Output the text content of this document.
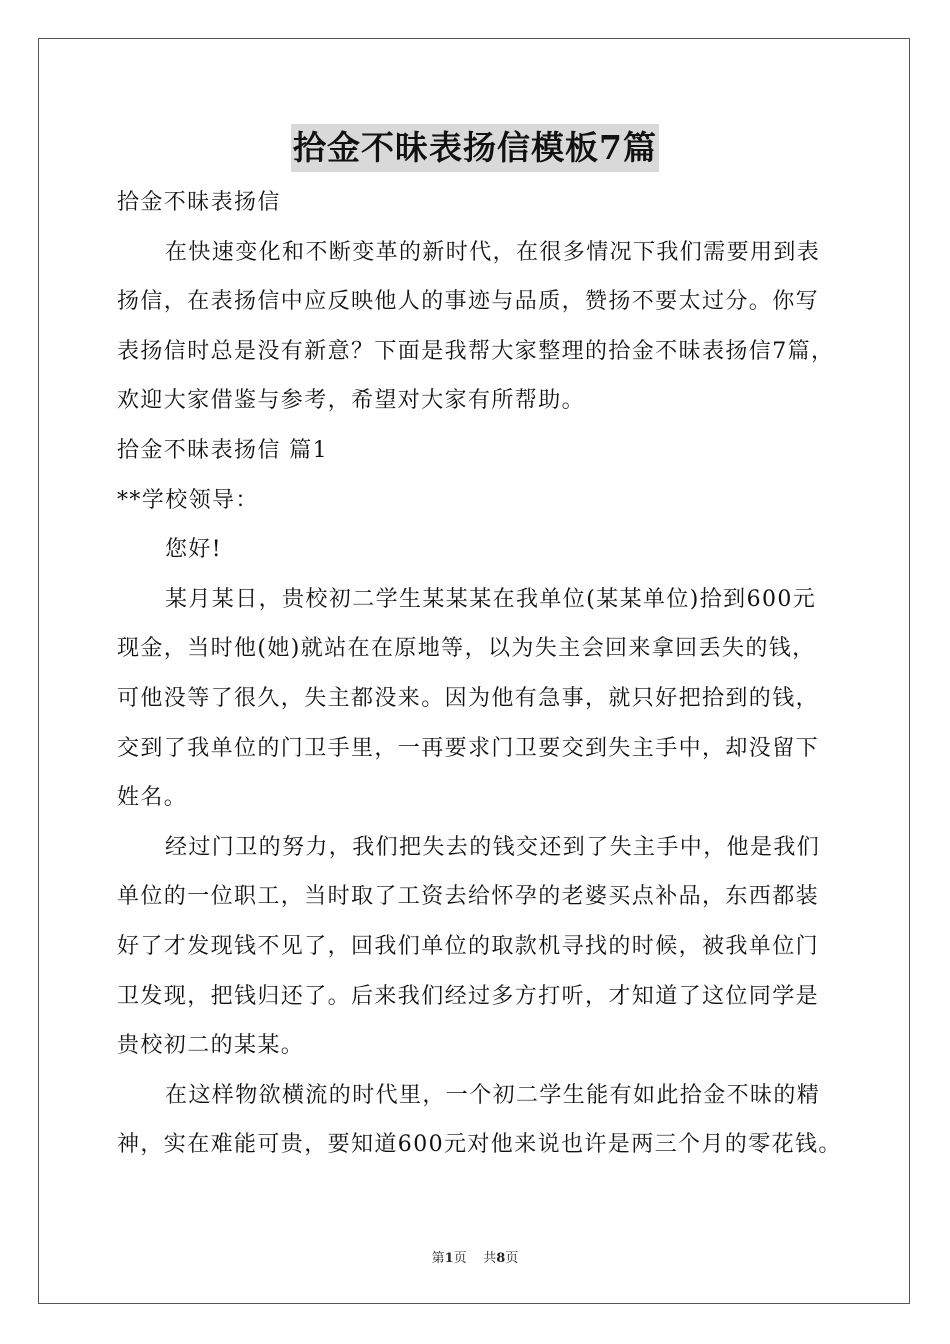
拾金不昧表扬信模板7篇
拾金不昧表扬信
在快速变化和不断变革的新时代，在很多情况下我们需要用到表
扬信，在表扬信中应反映他人的事迹与品质，赞扬不要太过分。你写
表扬信时总是没有新意？下面是我帮大家整理的拾金不昧表扬信7篇，
欢迎大家借鉴与参考，希望对大家有所帮助。
拾金不昧表扬信 篇1
**学校领导：
您好!
某月某日，贵校初二学生某某某在我单位(某某单位)拾到600元
现金，当时他(她)就站在在原地等，以为失主会回来拿回丢失的钱，
可他没等了很久，失主都没来。因为他有急事，就只好把拾到的钱，
交到了我单位的门卫手里，一再要求门卫要交到失主手中，却没留下
姓名。
经过门卫的努力，我们把失去的钱交还到了失主手中，他是我们
单位的一位职工，当时取了工资去给怀孕的老婆买点补品，东西都装
好了才发现钱不见了，回我们单位的取款机寻找的时候，被我单位门
卫发现，把钱归还了。后来我们经过多方打听，才知道了这位同学是
贵校初二的某某。
在这样物欲横流的时代里，一个初二学生能有如此拾金不昧的精
神，实在难能可贵，要知道600元对他来说也许是两三个月的零花钱。
第1页 共8页
